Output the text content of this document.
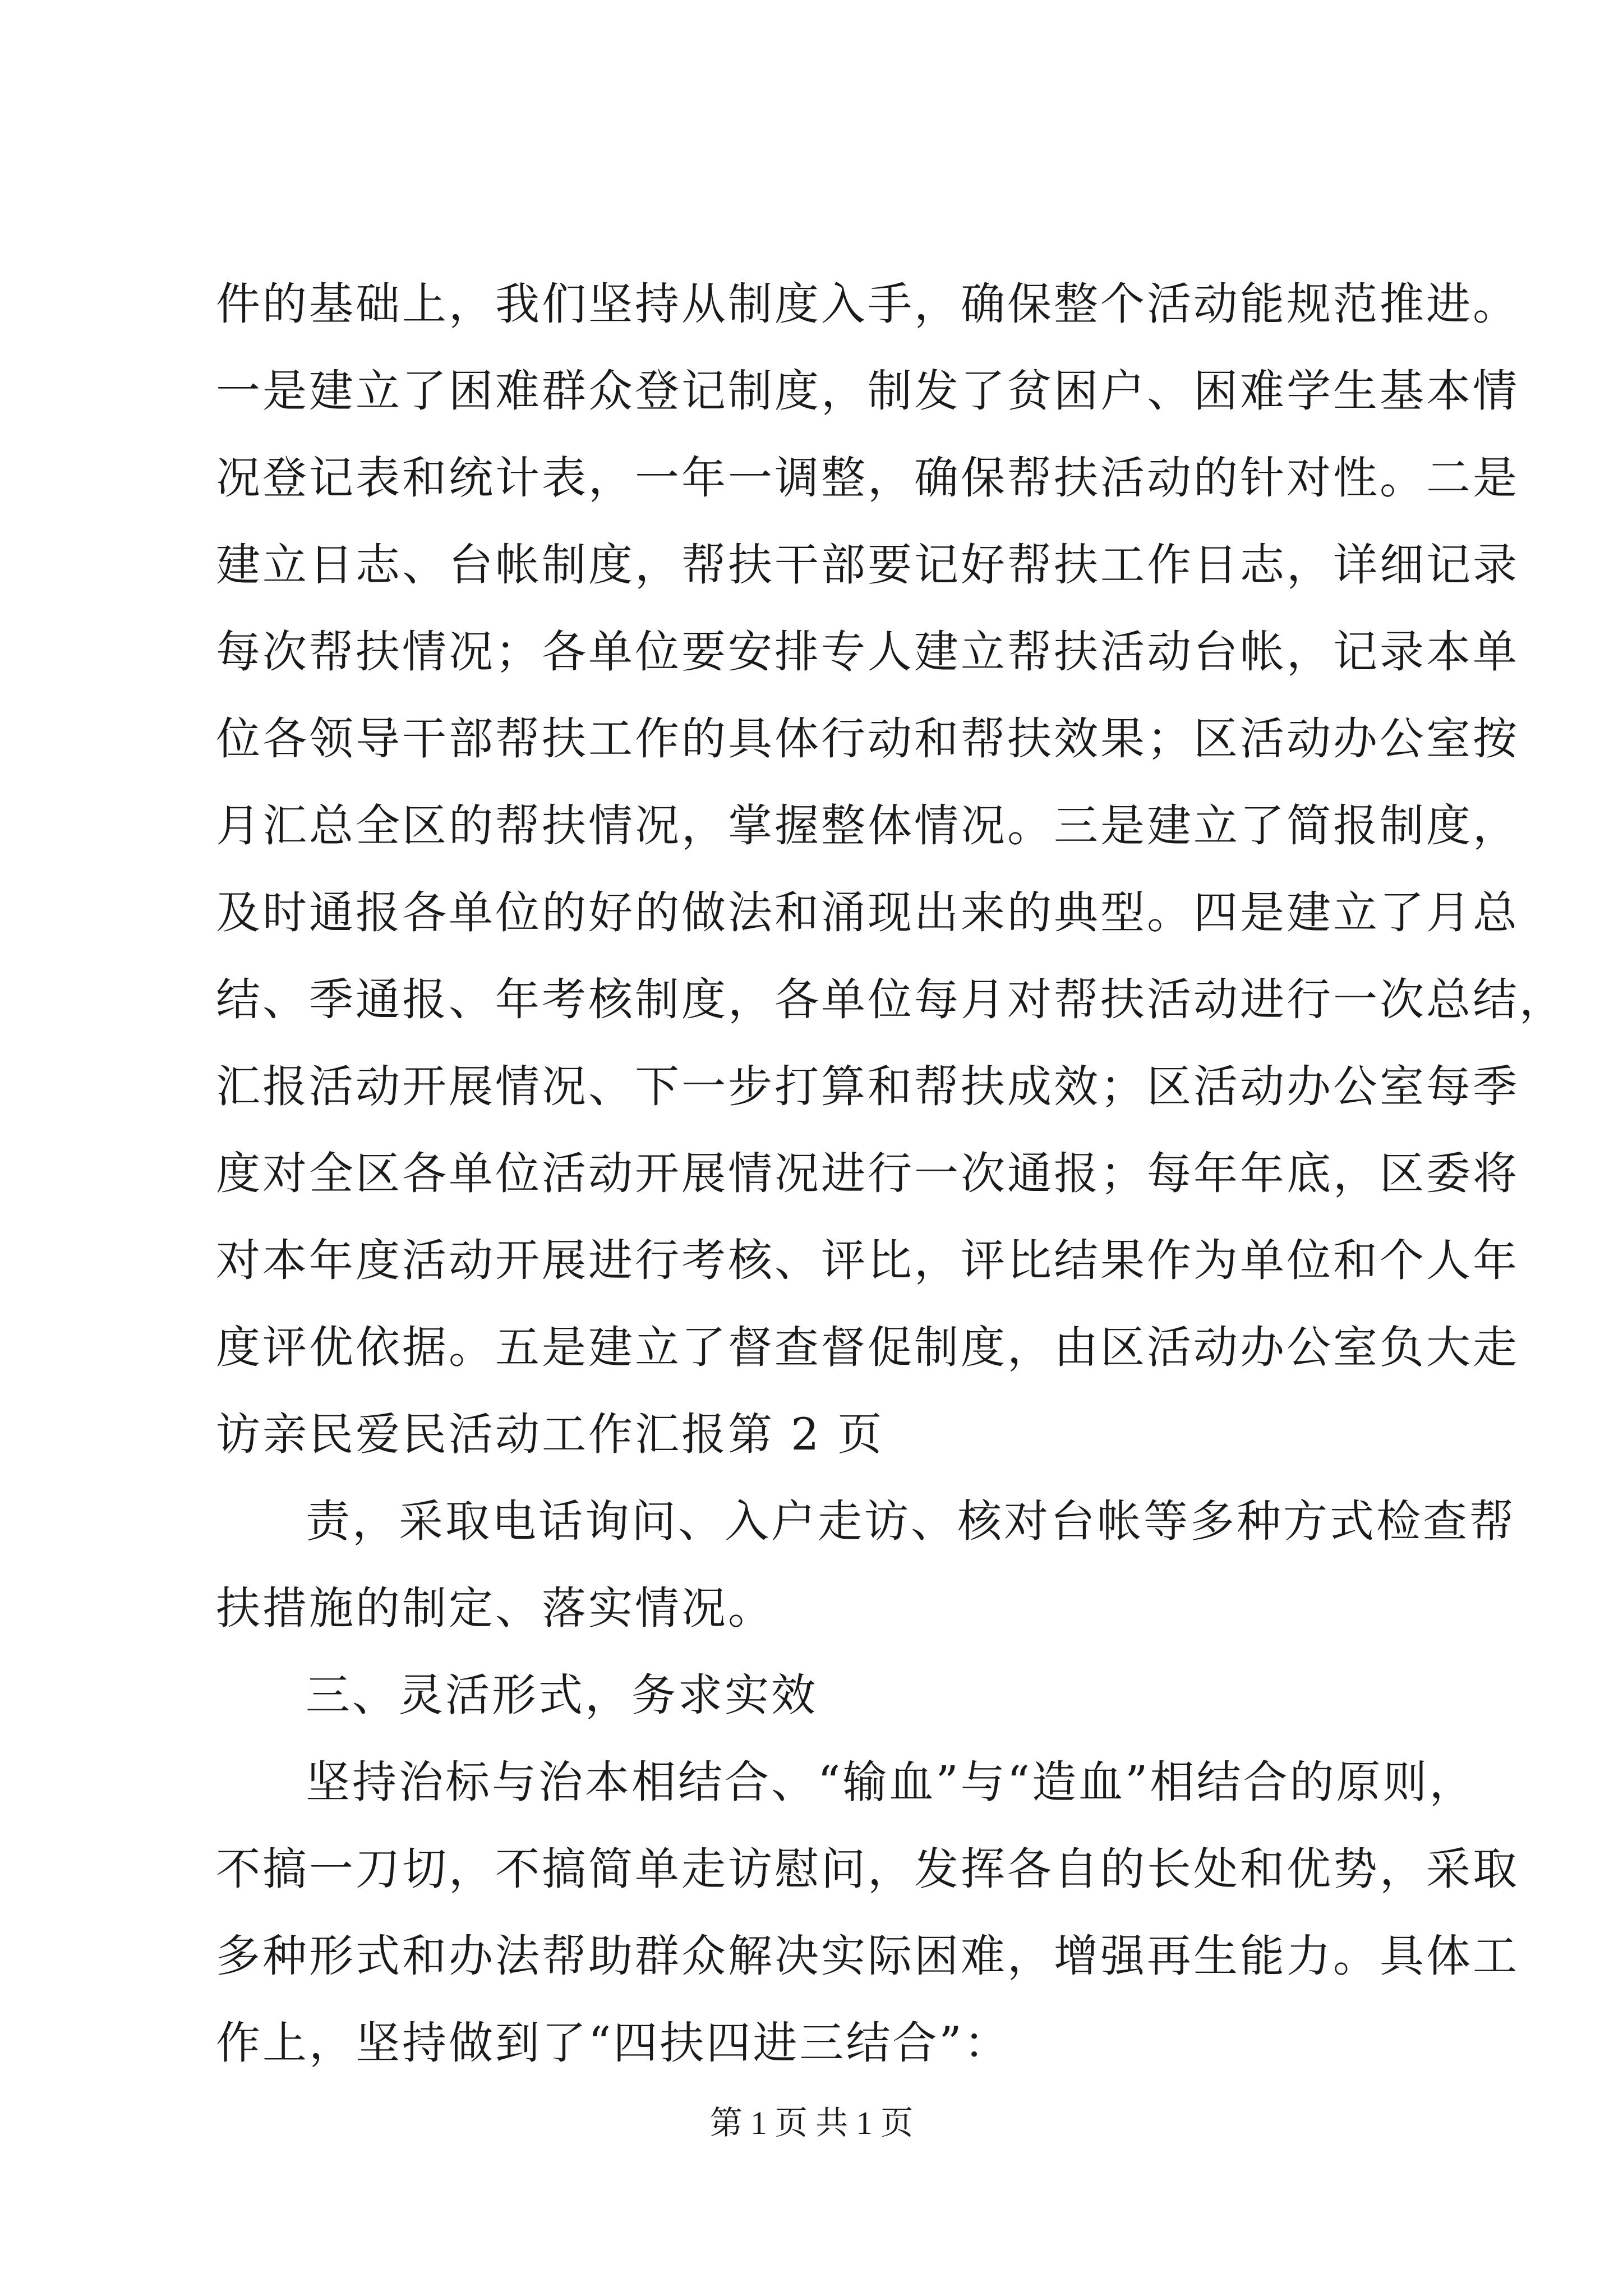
件的基础上，我们坚持从制度入手，确保整个活动能规范推进。
一是建立了困难群众登记制度，制发了贫困户、困难学生基本情
况登记表和统计表，一年一调整，确保帮扶活动的针对性。二是
建立日志、台帐制度，帮扶干部要记好帮扶工作日志，详细记录
每次帮扶情况；各单位要安排专人建立帮扶活动台帐，记录本单
位各领导干部帮扶工作的具体行动和帮扶效果；区活动办公室按
月汇总全区的帮扶情况，掌握整体情况。三是建立了简报制度，
及时通报各单位的好的做法和涌现出来的典型。四是建立了月总
结、季通报、年考核制度，各单位每月对帮扶活动进行一次总结，
汇报活动开展情况、下一步打算和帮扶成效；区活动办公室每季
度对全区各单位活动开展情况进行一次通报；每年年底，区委将
对本年度活动开展进行考核、评比，评比结果作为单位和个人年
度评优依据。五是建立了督查督促制度，由区活动办公室负大走
访亲民爱民活动工作汇报第 2 页
责，采取电话询问、入户走访、核对台帐等多种方式检查帮
扶措施的制定、落实情况。
三、灵活形式，务求实效
坚持治标与治本相结合、“输血”与“造血”相结合的原则，
不搞一刀切，不搞简单走访慰问，发挥各自的长处和优势，采取
多种形式和办法帮助群众解决实际困难，增强再生能力。具体工
作上，坚持做到了“四扶四进三结合”：
第 1 页 共 1 页
